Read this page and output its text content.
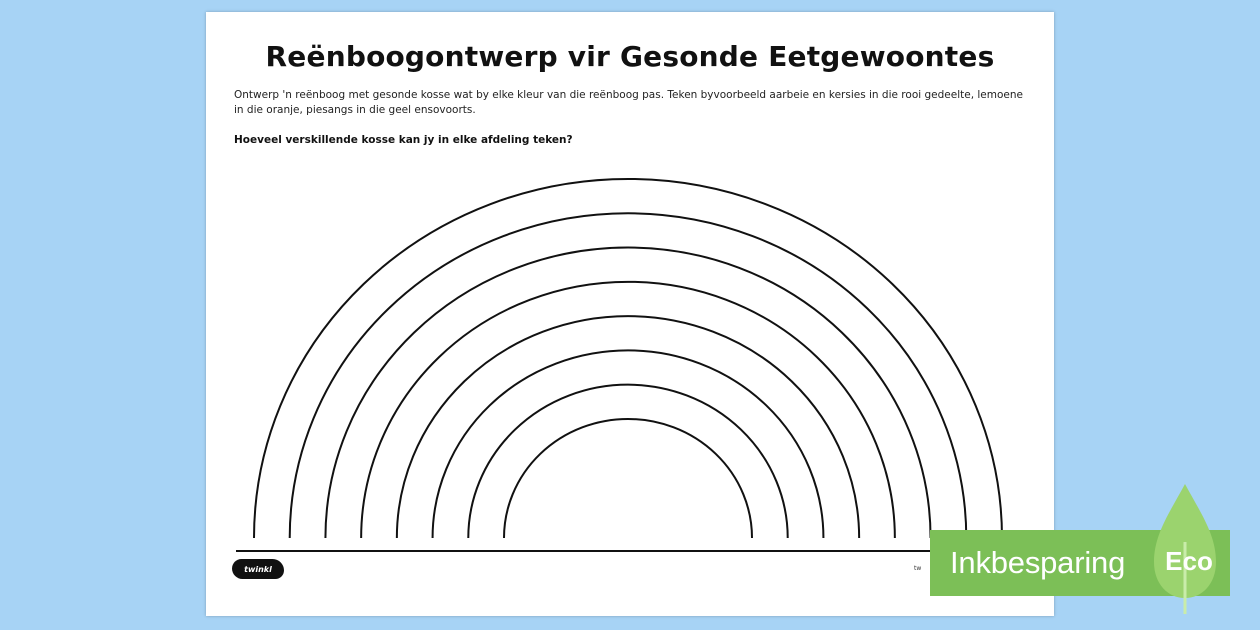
Reënboogontwerp vir Gesonde Eetgewoontes
Ontwerp 'n reënboog met gesonde kosse wat by elke kleur van die reënboog pas. Teken byvoorbeeld aarbeie en kersies in die rooi gedeelte, lemoene in die oranje, piesangs in die geel ensovoorts.
Hoeveel verskillende kosse kan jy in elke afdeling teken?
twinkl	tw Inkbesparing Eco
